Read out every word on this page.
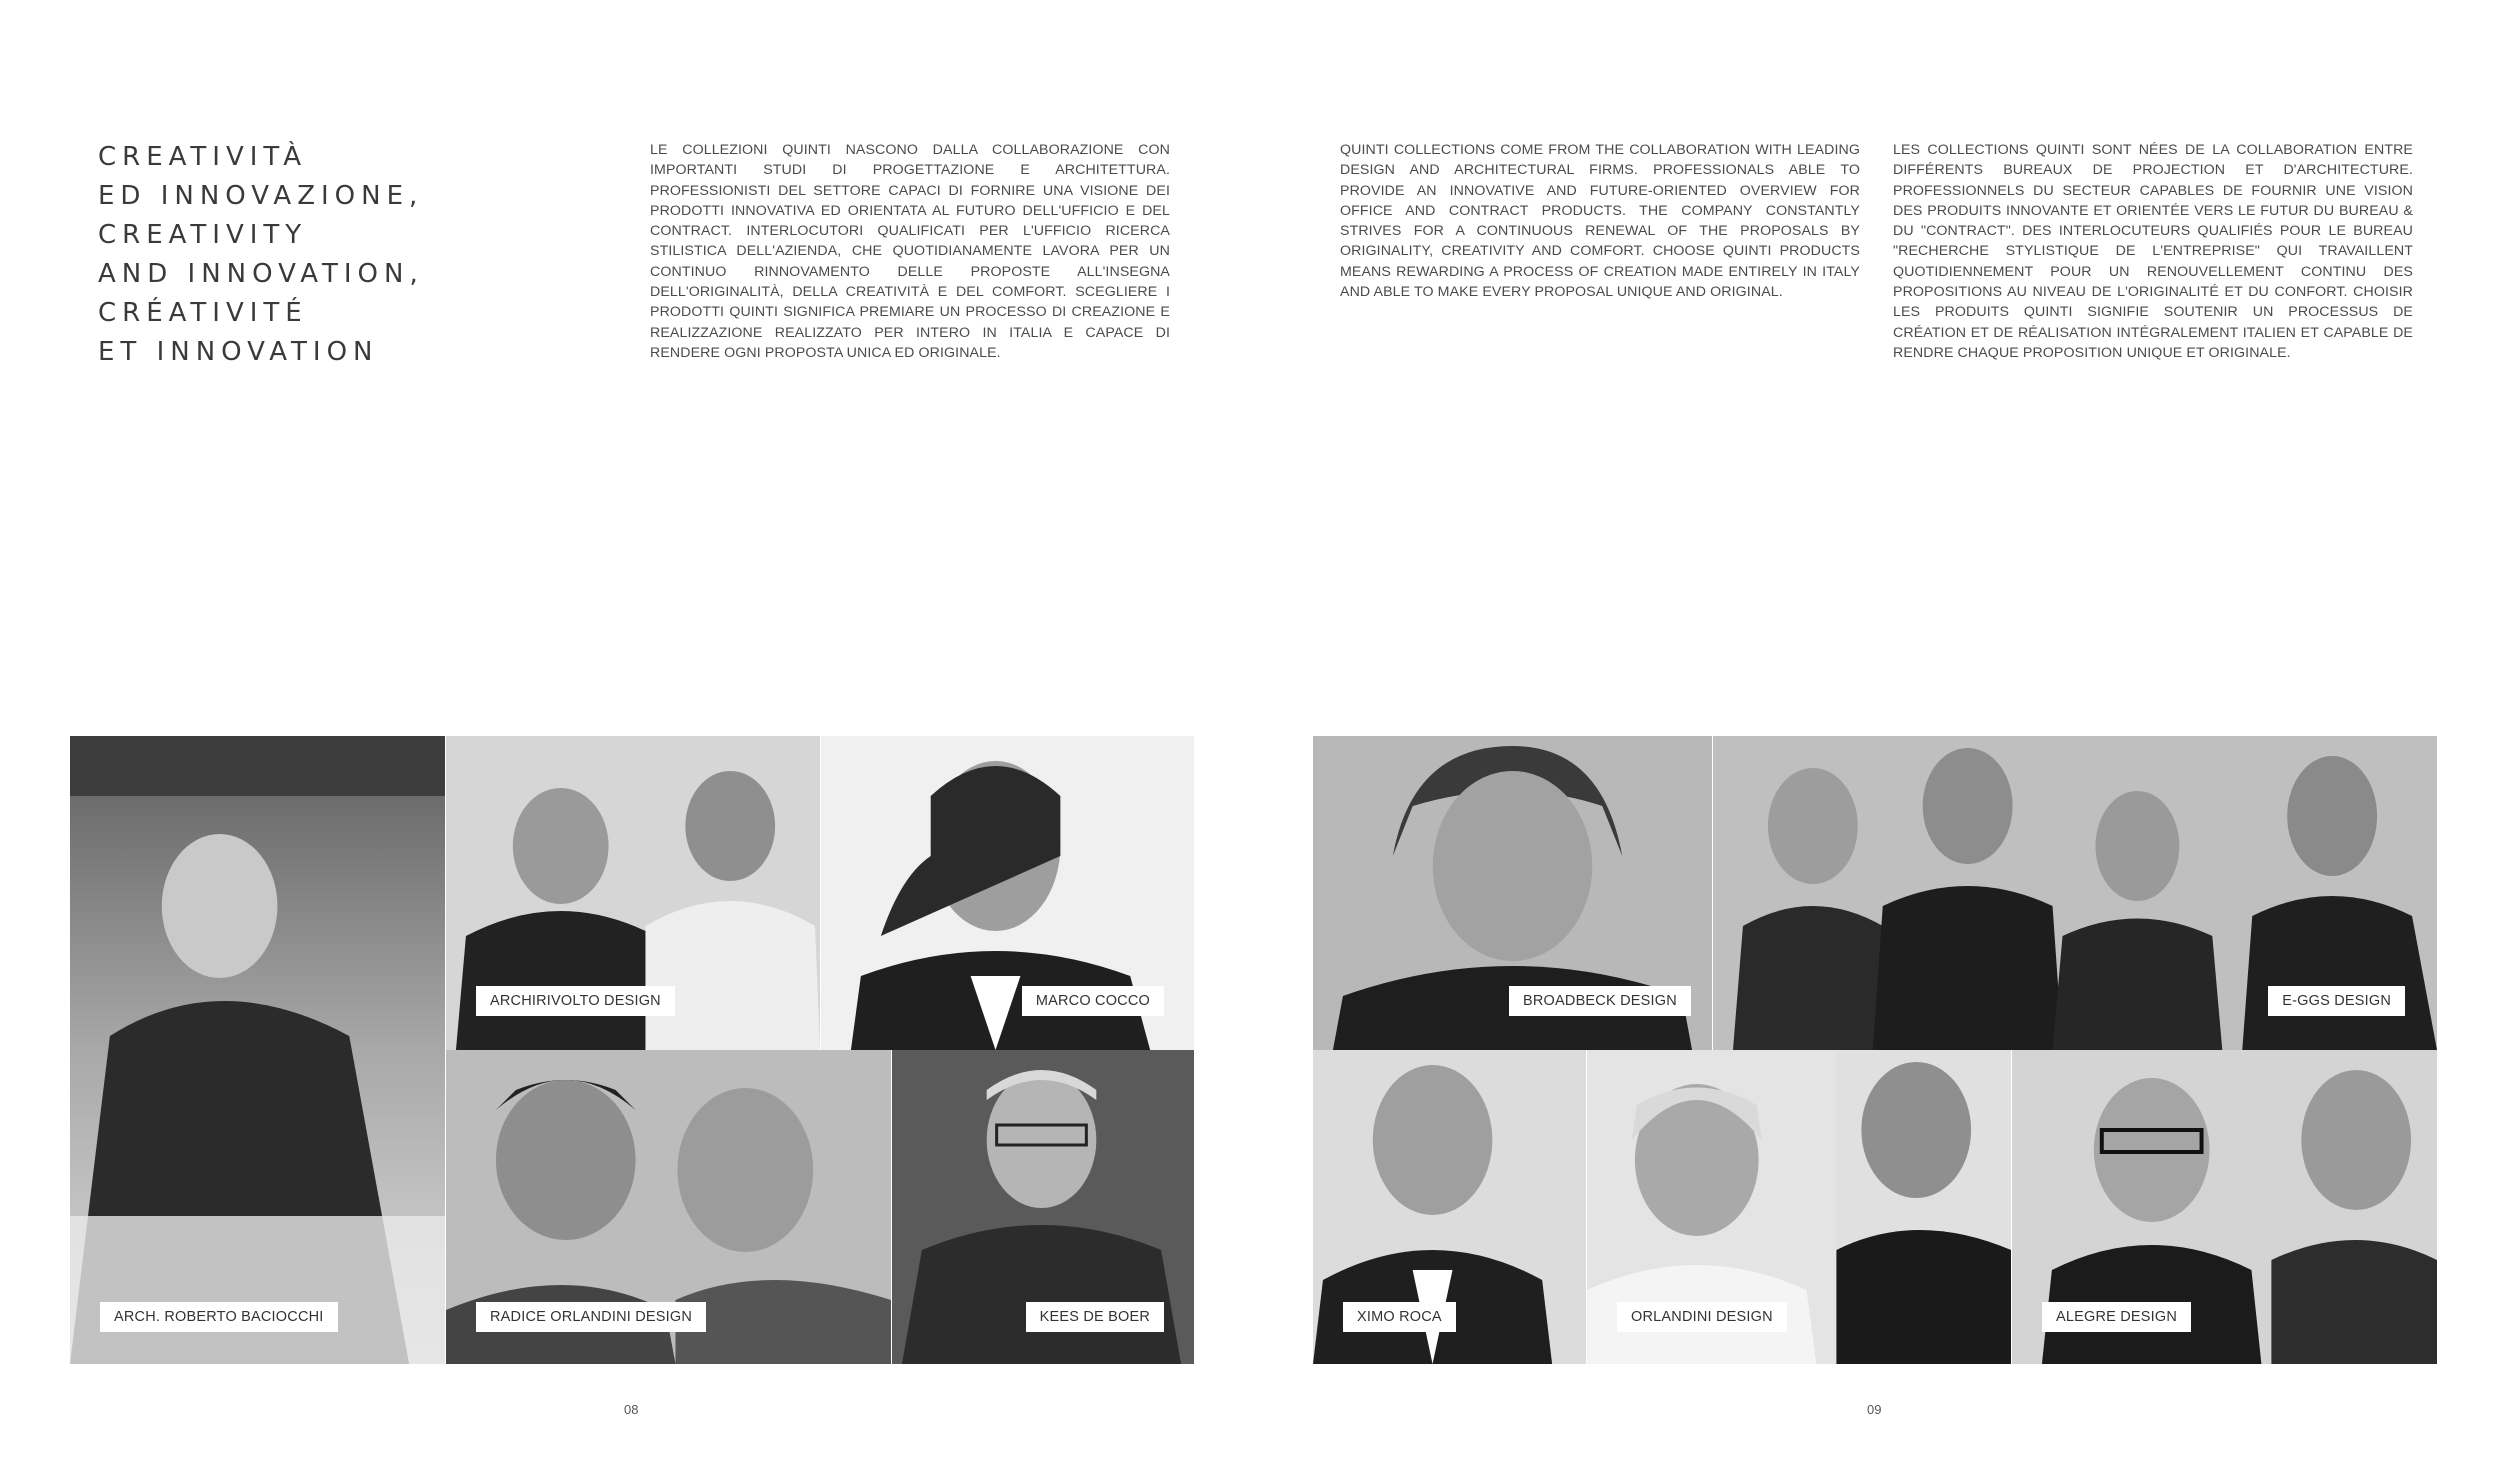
CREATIVITÀ
ED INNOVAZIONE,
CREATIVITY
AND INNOVATION,
CRÉATIVITÉ
ET INNOVATION
LE COLLEZIONI QUINTI NASCONO DALLA COLLABORAZIONE CON IMPORTANTI STUDI DI PROGETTAZIONE E ARCHITETTURA. PROFESSIONISTI DEL SETTORE CAPACI DI FORNIRE UNA VISIONE DEI PRODOTTI INNOVATIVA ED ORIENTATA AL FUTURO DELL'UFFICIO E DEL CONTRACT. INTERLOCUTORI QUALIFICATI PER L'UFFICIO RICERCA STILISTICA DELL'AZIENDA, CHE QUOTIDIANAMENTE LAVORA PER UN CONTINUO RINNOVAMENTO DELLE PROPOSTE ALL'INSEGNA DELL'ORIGINALITÀ, DELLA CREATIVITÀ E DEL COMFORT. SCEGLIERE I PRODOTTI QUINTI SIGNIFICA PREMIARE UN PROCESSO DI CREAZIONE E REALIZZAZIONE REALIZZATO PER INTERO IN ITALIA E CAPACE DI RENDERE OGNI PROPOSTA UNICA ED ORIGINALE.
QUINTI COLLECTIONS COME FROM THE COLLABORATION WITH LEADING DESIGN AND ARCHITECTURAL FIRMS. PROFESSIONALS ABLE TO PROVIDE AN INNOVATIVE AND FUTURE-ORIENTED OVERVIEW FOR OFFICE AND CONTRACT PRODUCTS. THE COMPANY CONSTANTLY STRIVES FOR A CONTINUOUS RENEWAL OF THE PROPOSALS BY ORIGINALITY, CREATIVITY AND COMFORT. CHOOSE QUINTI PRODUCTS MEANS REWARDING A PROCESS OF CREATION MADE ENTIRELY IN ITALY AND ABLE TO MAKE EVERY PROPOSAL UNIQUE AND ORIGINAL.
LES COLLECTIONS QUINTI SONT NÉES DE LA COLLABORATION ENTRE DIFFÉRENTS BUREAUX DE PROJECTION ET D'ARCHITECTURE. PROFESSIONNELS DU SECTEUR CAPABLES DE FOURNIR UNE VISION DES PRODUITS INNOVANTE ET ORIENTÉE VERS LE FUTUR DU BUREAU & DU "CONTRACT". DES INTERLOCUTEURS QUALIFIÉS POUR LE BUREAU "RECHERCHE STYLISTIQUE DE L'ENTREPRISE" QUI TRAVAILLENT QUOTIDIENNEMENT POUR UN RENOUVELLEMENT CONTINU DES PROPOSITIONS AU NIVEAU DE L'ORIGINALITÉ ET DU CONFORT. CHOISIR LES PRODUITS QUINTI SIGNIFIE SOUTENIR UN PROCESSUS DE CRÉATION ET DE RÉALISATION INTÉGRALEMENT ITALIEN ET CAPABLE DE RENDRE CHAQUE PROPOSITION UNIQUE ET ORIGINALE.
ARCH. ROBERTO BACIOCCHI
ARCHIRIVOLTO DESIGN	MARCO COCCO
RADICE ORLANDINI DESIGN	KEES DE BOER
BROADBECK DESIGN	E-GGS DESIGN
XIMO ROCA	ORLANDINI DESIGN	ALEGRE DESIGN
08	09
